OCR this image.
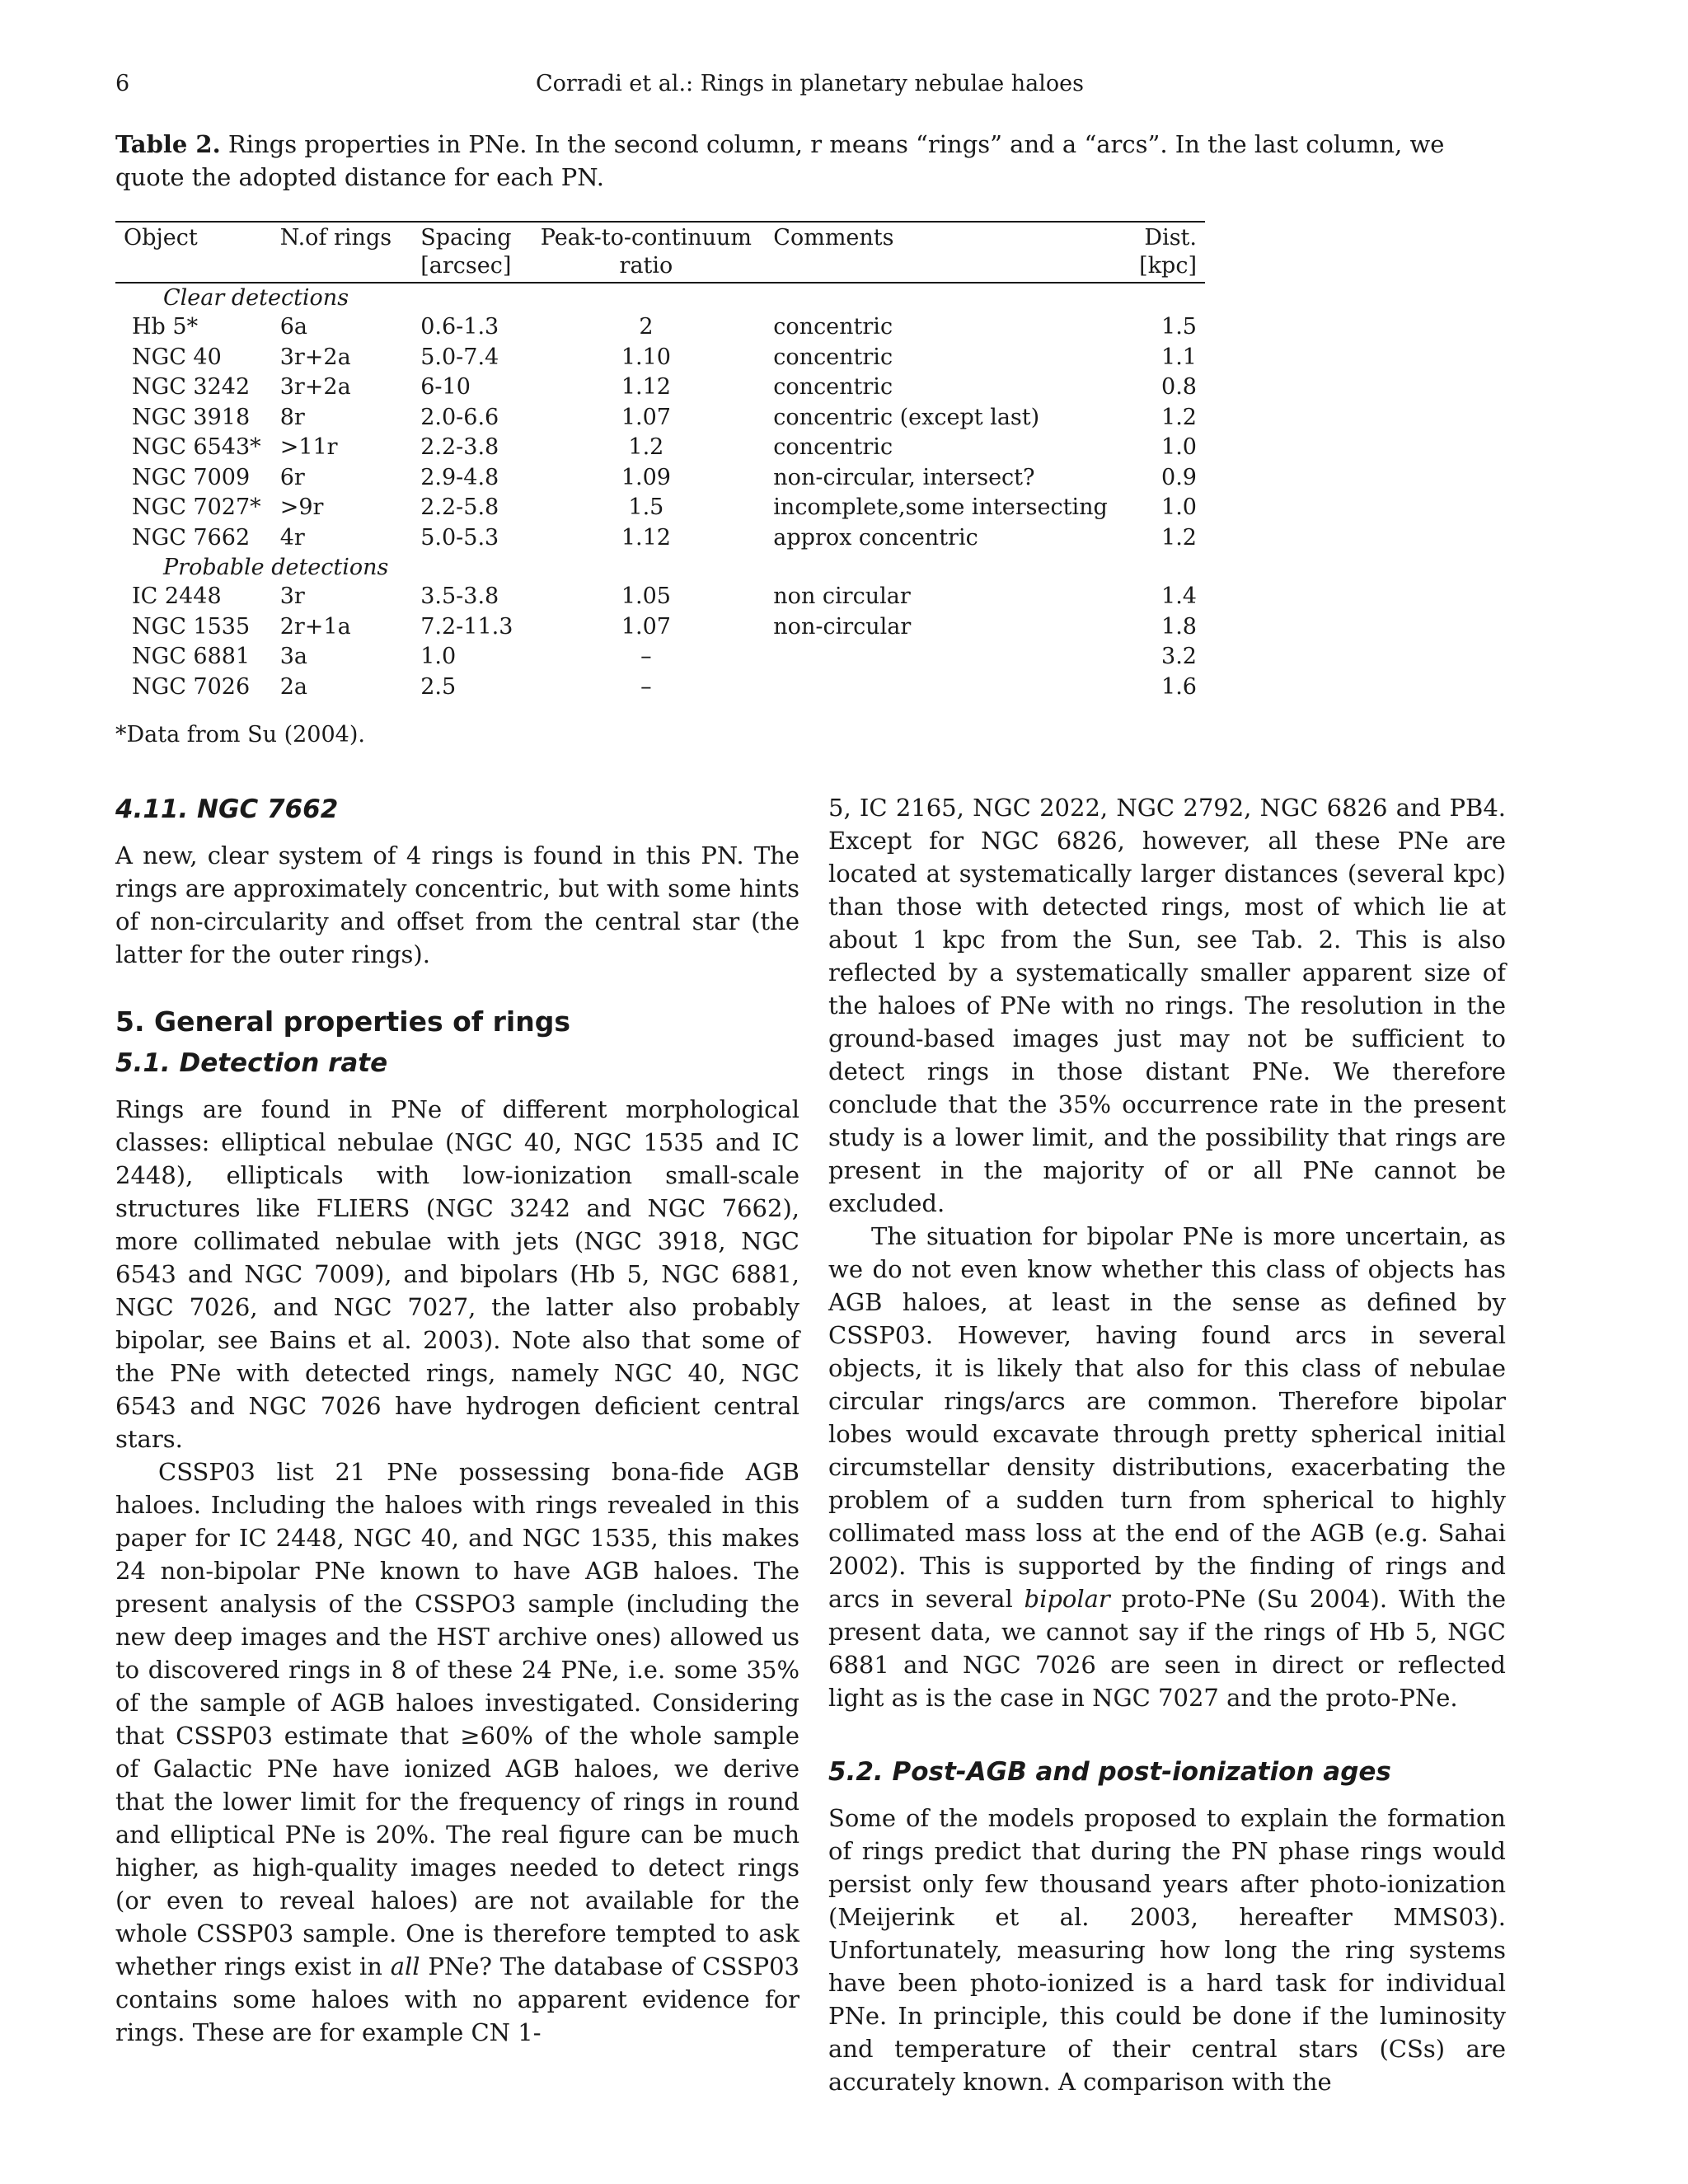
6	Corradi et al.: Rings in planetary nebulae haloes
Table 2. Rings properties in PNe. In the second column, r means “rings” and a “arcs”. In the last column, we quote the adopted distance for each PN.
Object	N.of rings	Spacing	Peak-to-continuum	Comments	Dist.
		[arcsec]	ratio		[kpc]
Clear detections					
Hb 5*	6a	0.6-1.3	2	concentric	1.5
NGC 40	3r+2a	5.0-7.4	1.10	concentric	1.1
NGC 3242	3r+2a	6-10	1.12	concentric	0.8
NGC 3918	8r	2.0-6.6	1.07	concentric (except last)	1.2
NGC 6543*	>11r	2.2-3.8	1.2	concentric	1.0
NGC 7009	6r	2.9-4.8	1.09	non-circular, intersect?	0.9
NGC 7027*	>9r	2.2-5.8	1.5	incomplete,some intersecting	1.0
NGC 7662	4r	5.0-5.3	1.12	approx concentric	1.2
Probable detections					
IC 2448	3r	3.5-3.8	1.05	non circular	1.4
NGC 1535	2r+1a	7.2-11.3	1.07	non-circular	1.8
NGC 6881	3a	1.0	–		3.2
NGC 7026	2a	2.5	–		1.6
*Data from Su (2004).
4.11. NGC 7662

A new, clear system of 4 rings is found in this PN. The rings are approximately concentric, but with some hints of non-circularity and offset from the central star (the latter for the outer rings).

5. General properties of rings
5.1. Detection rate

Rings are found in PNe of different morphological classes: elliptical nebulae (NGC 40, NGC 1535 and IC 2448), ellipticals with low-ionization small-scale structures like FLIERS (NGC 3242 and NGC 7662), more collimated nebulae with jets (NGC 3918, NGC 6543 and NGC 7009), and bipolars (Hb 5, NGC 6881, NGC 7026, and NGC 7027, the latter also probably bipolar, see Bains et al. 2003). Note also that some of the PNe with detected rings, namely NGC 40, NGC 6543 and NGC 7026 have hydrogen deficient central stars.

CSSP03 list 21 PNe possessing bona-fide AGB haloes. Including the haloes with rings revealed in this paper for IC 2448, NGC 40, and NGC 1535, this makes 24 non-bipolar PNe known to have AGB haloes. The present analysis of the CSSPO3 sample (including the new deep images and the HST archive ones) allowed us to discovered rings in 8 of these 24 PNe, i.e. some 35% of the sample of AGB haloes investigated. Considering that CSSP03 estimate that ≥60% of the whole sample of Galactic PNe have ionized AGB haloes, we derive that the lower limit for the frequency of rings in round and elliptical PNe is 20%. The real figure can be much higher, as high-quality images needed to detect rings (or even to reveal haloes) are not available for the whole CSSP03 sample. One is therefore tempted to ask whether rings exist in all PNe? The database of CSSP03 contains some haloes with no apparent evidence for rings. These are for example CN 1-

5, IC 2165, NGC 2022, NGC 2792, NGC 6826 and PB4. Except for NGC 6826, however, all these PNe are located at systematically larger distances (several kpc) than those with detected rings, most of which lie at about 1 kpc from the Sun, see Tab. 2. This is also reflected by a systematically smaller apparent size of the haloes of PNe with no rings. The resolution in the ground-based images just may not be sufficient to detect rings in those distant PNe. We therefore conclude that the 35% occurrence rate in the present study is a lower limit, and the possibility that rings are present in the majority of or all PNe cannot be excluded.

The situation for bipolar PNe is more uncertain, as we do not even know whether this class of objects has AGB haloes, at least in the sense as defined by CSSP03. However, having found arcs in several objects, it is likely that also for this class of nebulae circular rings/arcs are common. Therefore bipolar lobes would excavate through pretty spherical initial circumstellar density distributions, exacerbating the problem of a sudden turn from spherical to highly collimated mass loss at the end of the AGB (e.g. Sahai 2002). This is supported by the finding of rings and arcs in several bipolar proto-PNe (Su 2004). With the present data, we cannot say if the rings of Hb 5, NGC 6881 and NGC 7026 are seen in direct or reflected light as is the case in NGC 7027 and the proto-PNe.

5.2. Post-AGB and post-ionization ages

Some of the models proposed to explain the formation of rings predict that during the PN phase rings would persist only few thousand years after photo-ionization (Meijerink et al. 2003, hereafter MMS03). Unfortunately, measuring how long the ring systems have been photo-ionized is a hard task for individual PNe. In principle, this could be done if the luminosity and temperature of their central stars (CSs) are accurately known. A comparison with the
